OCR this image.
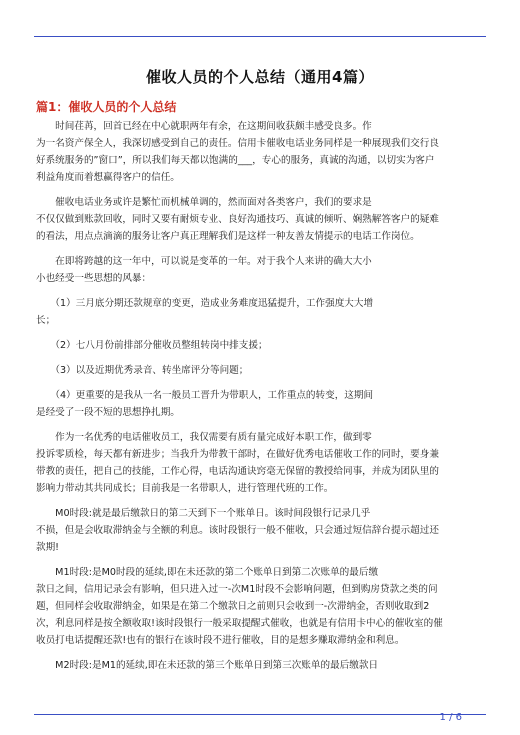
催收人员的个人总结（通用4篇）
篇1：催收人员的个人总结

　　时间荏苒，回首已经在中心就职两年有余，在这期间收获颇丰感受良多。作
为一名资产保全人，我深切感受到自己的责任。信用卡催收电话业务同样是一种展现我们交行良
好系统服务的”窗口”，所以我们每天都以饱满的___，专心的服务，真诚的沟通，以切实为客户
利益角度而着想赢得客户的信任。

　　催收电话业务或许是繁忙而机械单调的，然而面对各类客户，我们的要求是
不仅仅做到账款回收，同时又要有耐烦专业、良好沟通技巧、真诚的倾听、娴熟解答客户的疑难
的看法，用点点滴滴的服务让客户真正理解我们是这样一种友善友情提示的电话工作岗位。

　　在即将跨越的这一年中，可以说是变革的一年。对于我个人来讲的确大大小
小也经受一些思想的风暴：

　　（1）三月底分期还款规章的变更，造成业务难度迅猛提升，工作强度大大增
长；

　　（2）七八月份前排部分催收员整组转岗中排支援；

　　（3）以及近期优秀录音、转坐席评分等问题；

　　（4）更重要的是我从一名一般员工晋升为带职人，工作重点的转变，这期间
是经受了一段不短的思想挣扎期。

　　作为一名优秀的电话催收员工，我仅需要有质有量完成好本职工作，做到零
投诉零质检，每天都有新进步；当我升为带教干部时，在做好优秀电话催收工作的同时，要身兼
带教的责任，把自己的技能，工作心得，电话沟通诀窍毫无保留的教授给同事，并成为团队里的
影响力带动其共同成长；目前我是一名带职人，进行管理代班的工作。

　　M0时段:就是最后缴款日的第二天到下一个账单日。该时间段银行记录几乎
不损，但是会收取滞纳金与全额的利息。该时段银行一般不催收，只会通过短信辞台提示超过还
款期!

　　M1时段:是M0时段的延续,即在未还款的第二个账单日到第二次账单的最后缴
款日之间，信用记录会有影响，但只进入过一-次M1时段不会影响问题，但到购房贷款之类的问
题，但同样会收取滞纳金，如果是在第二个缴款日之前则只会收到一-次滞纳金，否则收取到2
次，利息同样是按全额收取!该时段银行一般采取提醒式催收，也就是有信用卡中心的催收室的催
收员打电话提醒还款!也有的银行在该时段不进行催收，目的是想多赚取滞纳金和利息。

　　M2时段:是M1的延续,即在未还款的第三个账单日到第三次账单的最后缴款日

1 / 6
